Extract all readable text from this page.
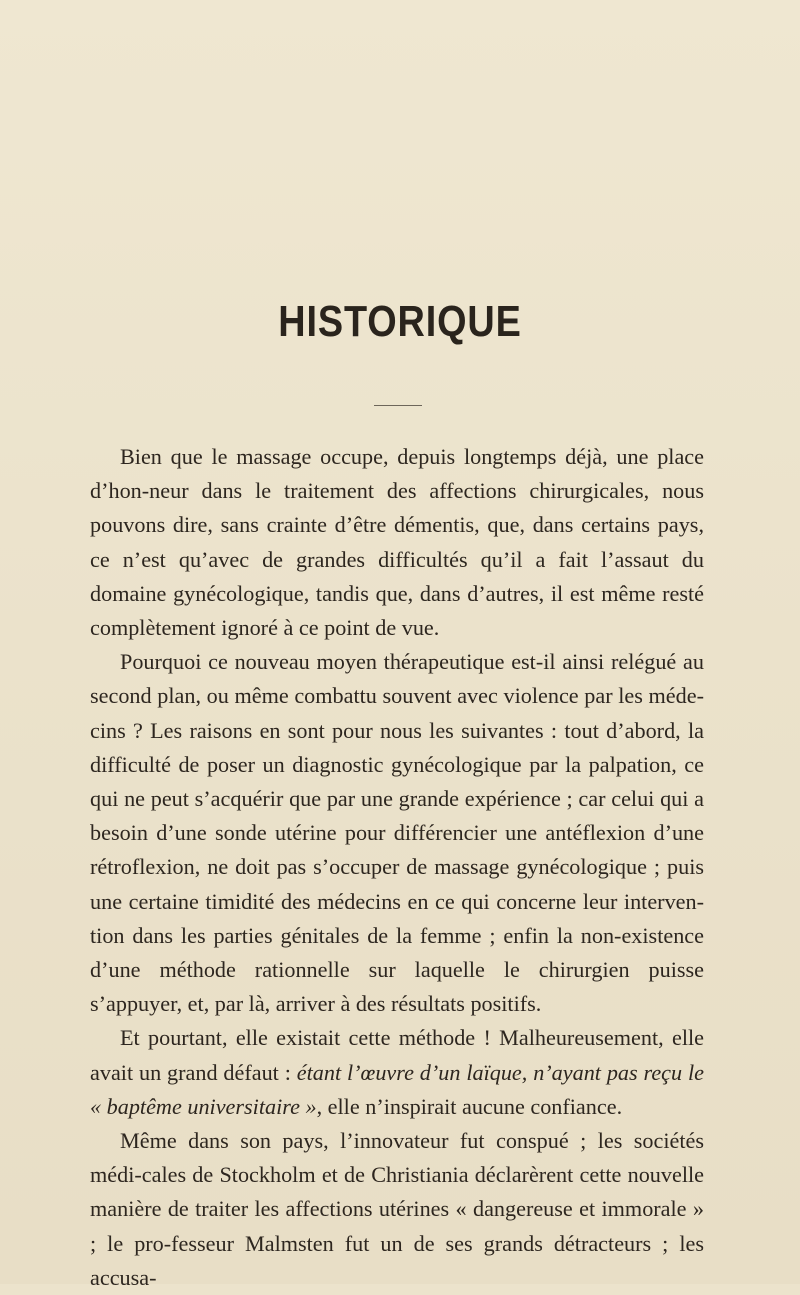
HISTORIQUE

Bien que le massage occupe, depuis longtemps déjà, une place d’hon-neur dans le traitement des affections chirurgicales, nous pouvons dire, sans crainte d’être démentis, que, dans certains pays, ce n’est qu’avec de grandes difficultés qu’il a fait l’assaut du domaine gynécologique, tandis que, dans d’autres, il est même resté complètement ignoré à ce point de vue.

Pourquoi ce nouveau moyen thérapeutique est-il ainsi relégué au second plan, ou même combattu souvent avec violence par les méde-cins ? Les raisons en sont pour nous les suivantes : tout d’abord, la difficulté de poser un diagnostic gynécologique par la palpation, ce qui ne peut s’acquérir que par une grande expérience ; car celui qui a besoin d’une sonde utérine pour différencier une antéflexion d’une rétroflexion, ne doit pas s’occuper de massage gynécologique ; puis une certaine timidité des médecins en ce qui concerne leur interven-tion dans les parties génitales de la femme ; enfin la non-existence d’une méthode rationnelle sur laquelle le chirurgien puisse s’appuyer, et, par là, arriver à des résultats positifs.

Et pourtant, elle existait cette méthode ! Malheureusement, elle avait un grand défaut : étant l’œuvre d’un laïque, n’ayant pas reçu le « baptême universitaire », elle n’inspirait aucune confiance.

Même dans son pays, l’innovateur fut conspué ; les sociétés médi-cales de Stockholm et de Christiania déclarèrent cette nouvelle manière de traiter les affections utérines « dangereuse et immorale » ; le pro-fesseur Malmsten fut un de ses grands détracteurs ; les accusa-
